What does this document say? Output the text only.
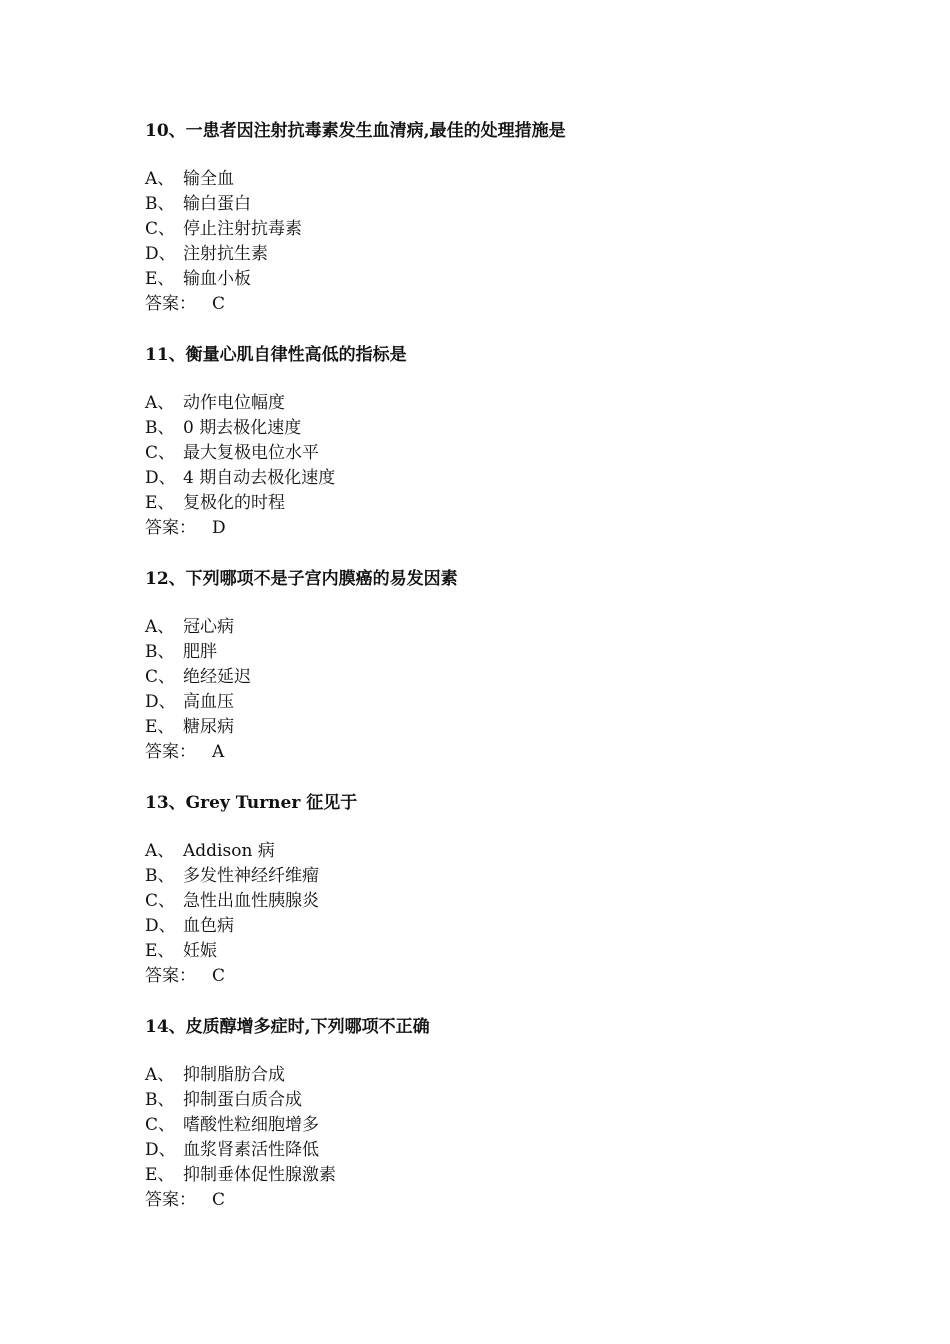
10、一患者因注射抗毒素发生血清病,最佳的处理措施是
A、 输全血
B、 输白蛋白
C、 停止注射抗毒素
D、 注射抗生素
E、 输血小板
答案： C
11、衡量心肌自律性高低的指标是
A、 动作电位幅度
B、 0 期去极化速度
C、 最大复极电位水平
D、 4 期自动去极化速度
E、 复极化的时程
答案： D
12、下列哪项不是子宫内膜癌的易发因素
A、 冠心病
B、 肥胖
C、 绝经延迟
D、 高血压
E、 糖尿病
答案： A
13、Grey Turner 征见于
A、 Addison 病
B、 多发性神经纤维瘤
C、 急性出血性胰腺炎
D、 血色病
E、 妊娠
答案： C
14、皮质醇增多症时,下列哪项不正确
A、 抑制脂肪合成
B、 抑制蛋白质合成
C、 嗜酸性粒细胞增多
D、 血浆肾素活性降低
E、 抑制垂体促性腺激素
答案： C
